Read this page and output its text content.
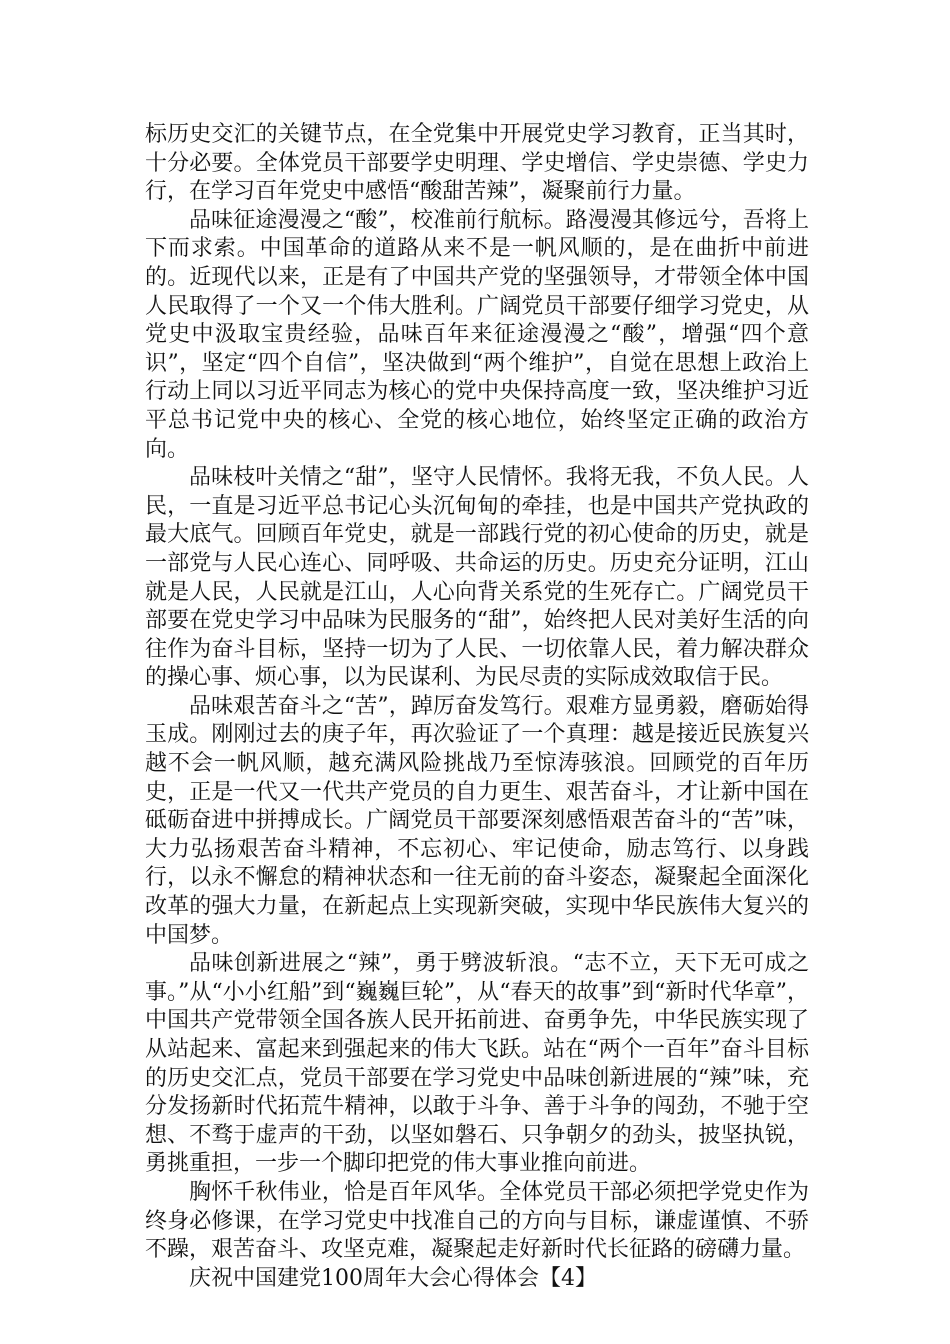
标历史交汇的关键节点，在全党集中开展党史学习教育，正当其时，十分必要。全体党员干部要学史明理、学史增信、学史崇德、学史力行，在学习百年党史中感悟“酸甜苦辣”，凝聚前行力量。

品味征途漫漫之“酸”，校准前行航标。路漫漫其修远兮，吾将上下而求索。中国革命的道路从来不是一帆风顺的，是在曲折中前进的。近现代以来，正是有了中国共产党的坚强领导，才带领全体中国人民取得了一个又一个伟大胜利。广阔党员干部要仔细学习党史，从党史中汲取宝贵经验，品味百年来征途漫漫之“酸”，增强“四个意识”，坚定“四个自信”，坚决做到“两个维护”，自觉在思想上政治上行动上同以习近平同志为核心的党中央保持高度一致，坚决维护习近平总书记党中央的核心、全党的核心地位，始终坚定正确的政治方向。

品味枝叶关情之“甜”，坚守人民情怀。我将无我，不负人民。人民，一直是习近平总书记心头沉甸甸的牵挂，也是中国共产党执政的最大底气。回顾百年党史，就是一部践行党的初心使命的历史，就是一部党与人民心连心、同呼吸、共命运的历史。历史充分证明，江山就是人民，人民就是江山，人心向背关系党的生死存亡。广阔党员干部要在党史学习中品味为民服务的“甜”，始终把人民对美好生活的向往作为奋斗目标，坚持一切为了人民、一切依靠人民，着力解决群众的操心事、烦心事，以为民谋利、为民尽责的实际成效取信于民。

品味艰苦奋斗之“苦”，踔厉奋发笃行。艰难方显勇毅，磨砺始得玉成。刚刚过去的庚子年，再次验证了一个真理：越是接近民族复兴越不会一帆风顺，越充满风险挑战乃至惊涛骇浪。回顾党的百年历史，正是一代又一代共产党员的自力更生、艰苦奋斗，才让新中国在砥砺奋进中拼搏成长。广阔党员干部要深刻感悟艰苦奋斗的“苦”味，大力弘扬艰苦奋斗精神，不忘初心、牢记使命，励志笃行、以身践行，以永不懈怠的精神状态和一往无前的奋斗姿态，凝聚起全面深化改革的强大力量，在新起点上实现新突破，实现中华民族伟大复兴的中国梦。

品味创新进展之“辣”，勇于劈波斩浪。“志不立，天下无可成之事。”从“小小红船”到“巍巍巨轮”，从“春天的故事”到“新时代华章”，中国共产党带领全国各族人民开拓前进、奋勇争先，中华民族实现了从站起来、富起来到强起来的伟大飞跃。站在“两个一百年”奋斗目标的历史交汇点，党员干部要在学习党史中品味创新进展的“辣”味，充分发扬新时代拓荒牛精神，以敢于斗争、善于斗争的闯劲，不驰于空想、不骛于虚声的干劲，以坚如磐石、只争朝夕的劲头，披坚执锐，勇挑重担，一步一个脚印把党的伟大事业推向前进。

胸怀千秋伟业，恰是百年风华。全体党员干部必须把学党史作为终身必修课，在学习党史中找准自己的方向与目标，谦虚谨慎、不骄不躁，艰苦奋斗、攻坚克难，凝聚起走好新时代长征路的磅礴力量。

庆祝中国建党100周年大会心得体会【4】
